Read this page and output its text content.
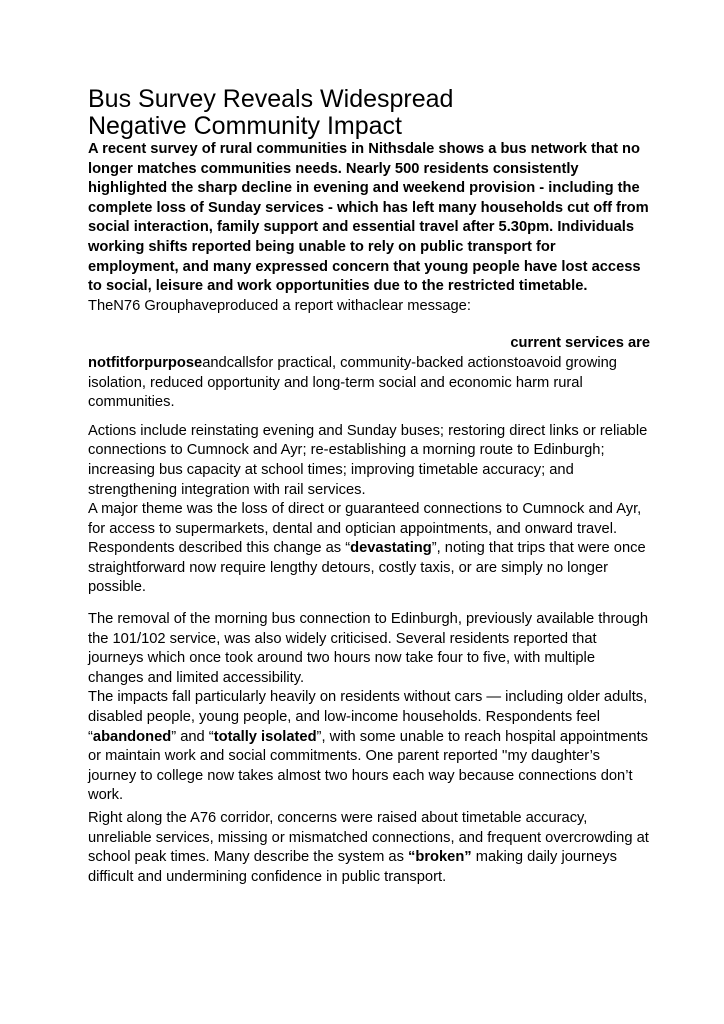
Bus Survey Reveals Widespread
Negative Community Impact

A recent survey of rural communities in Nithsdale shows a bus network that no longer matches communities needs. Nearly 500 residents consistently highlighted the sharp decline in evening and weekend provision - including the complete loss of Sunday services - which has left many households cut off from social interaction, family support and essential travel after 5.30pm. Individuals working shifts reported being unable to rely on public transport for employment, and many expressed concern that young people have lost access to social, leisure and work opportunities due to the restricted timetable.

TheN76 Grouphaveproduced a report withaclear message:

current services are

notfitforpurposeandcallsfor practical, community-backed actionstoavoid growing isolation, reduced opportunity and long-term social and economic harm rural communities.

Actions include reinstating evening and Sunday buses; restoring direct links or reliable connections to Cumnock and Ayr; re-establishing a morning route to Edinburgh; increasing bus capacity at school times; improving timetable accuracy; and strengthening integration with rail services.

A major theme was the loss of direct or guaranteed connections to Cumnock and Ayr, for access to supermarkets, dental and optician appointments, and onward travel. Respondents described this change as “devastating”, noting that trips that were once straightforward now require lengthy detours, costly taxis, or are simply no longer possible.

The removal of the morning bus connection to Edinburgh, previously available through the 101/102 service, was also widely criticised. Several residents reported that journeys which once took around two hours now take four to five, with multiple changes and limited accessibility.

The impacts fall particularly heavily on residents without cars — including older adults, disabled people, young people, and low-income households. Respondents feel “abandoned” and “totally isolated”, with some unable to reach hospital appointments or maintain work and social commitments. One parent reported ''my daughter’s journey to college now takes almost two hours each way because connections don’t work.

Right along the A76 corridor, concerns were raised about timetable accuracy, unreliable services, missing or mismatched connections, and frequent overcrowding at school peak times. Many describe the system as “broken” making daily journeys difficult and undermining confidence in public transport.
